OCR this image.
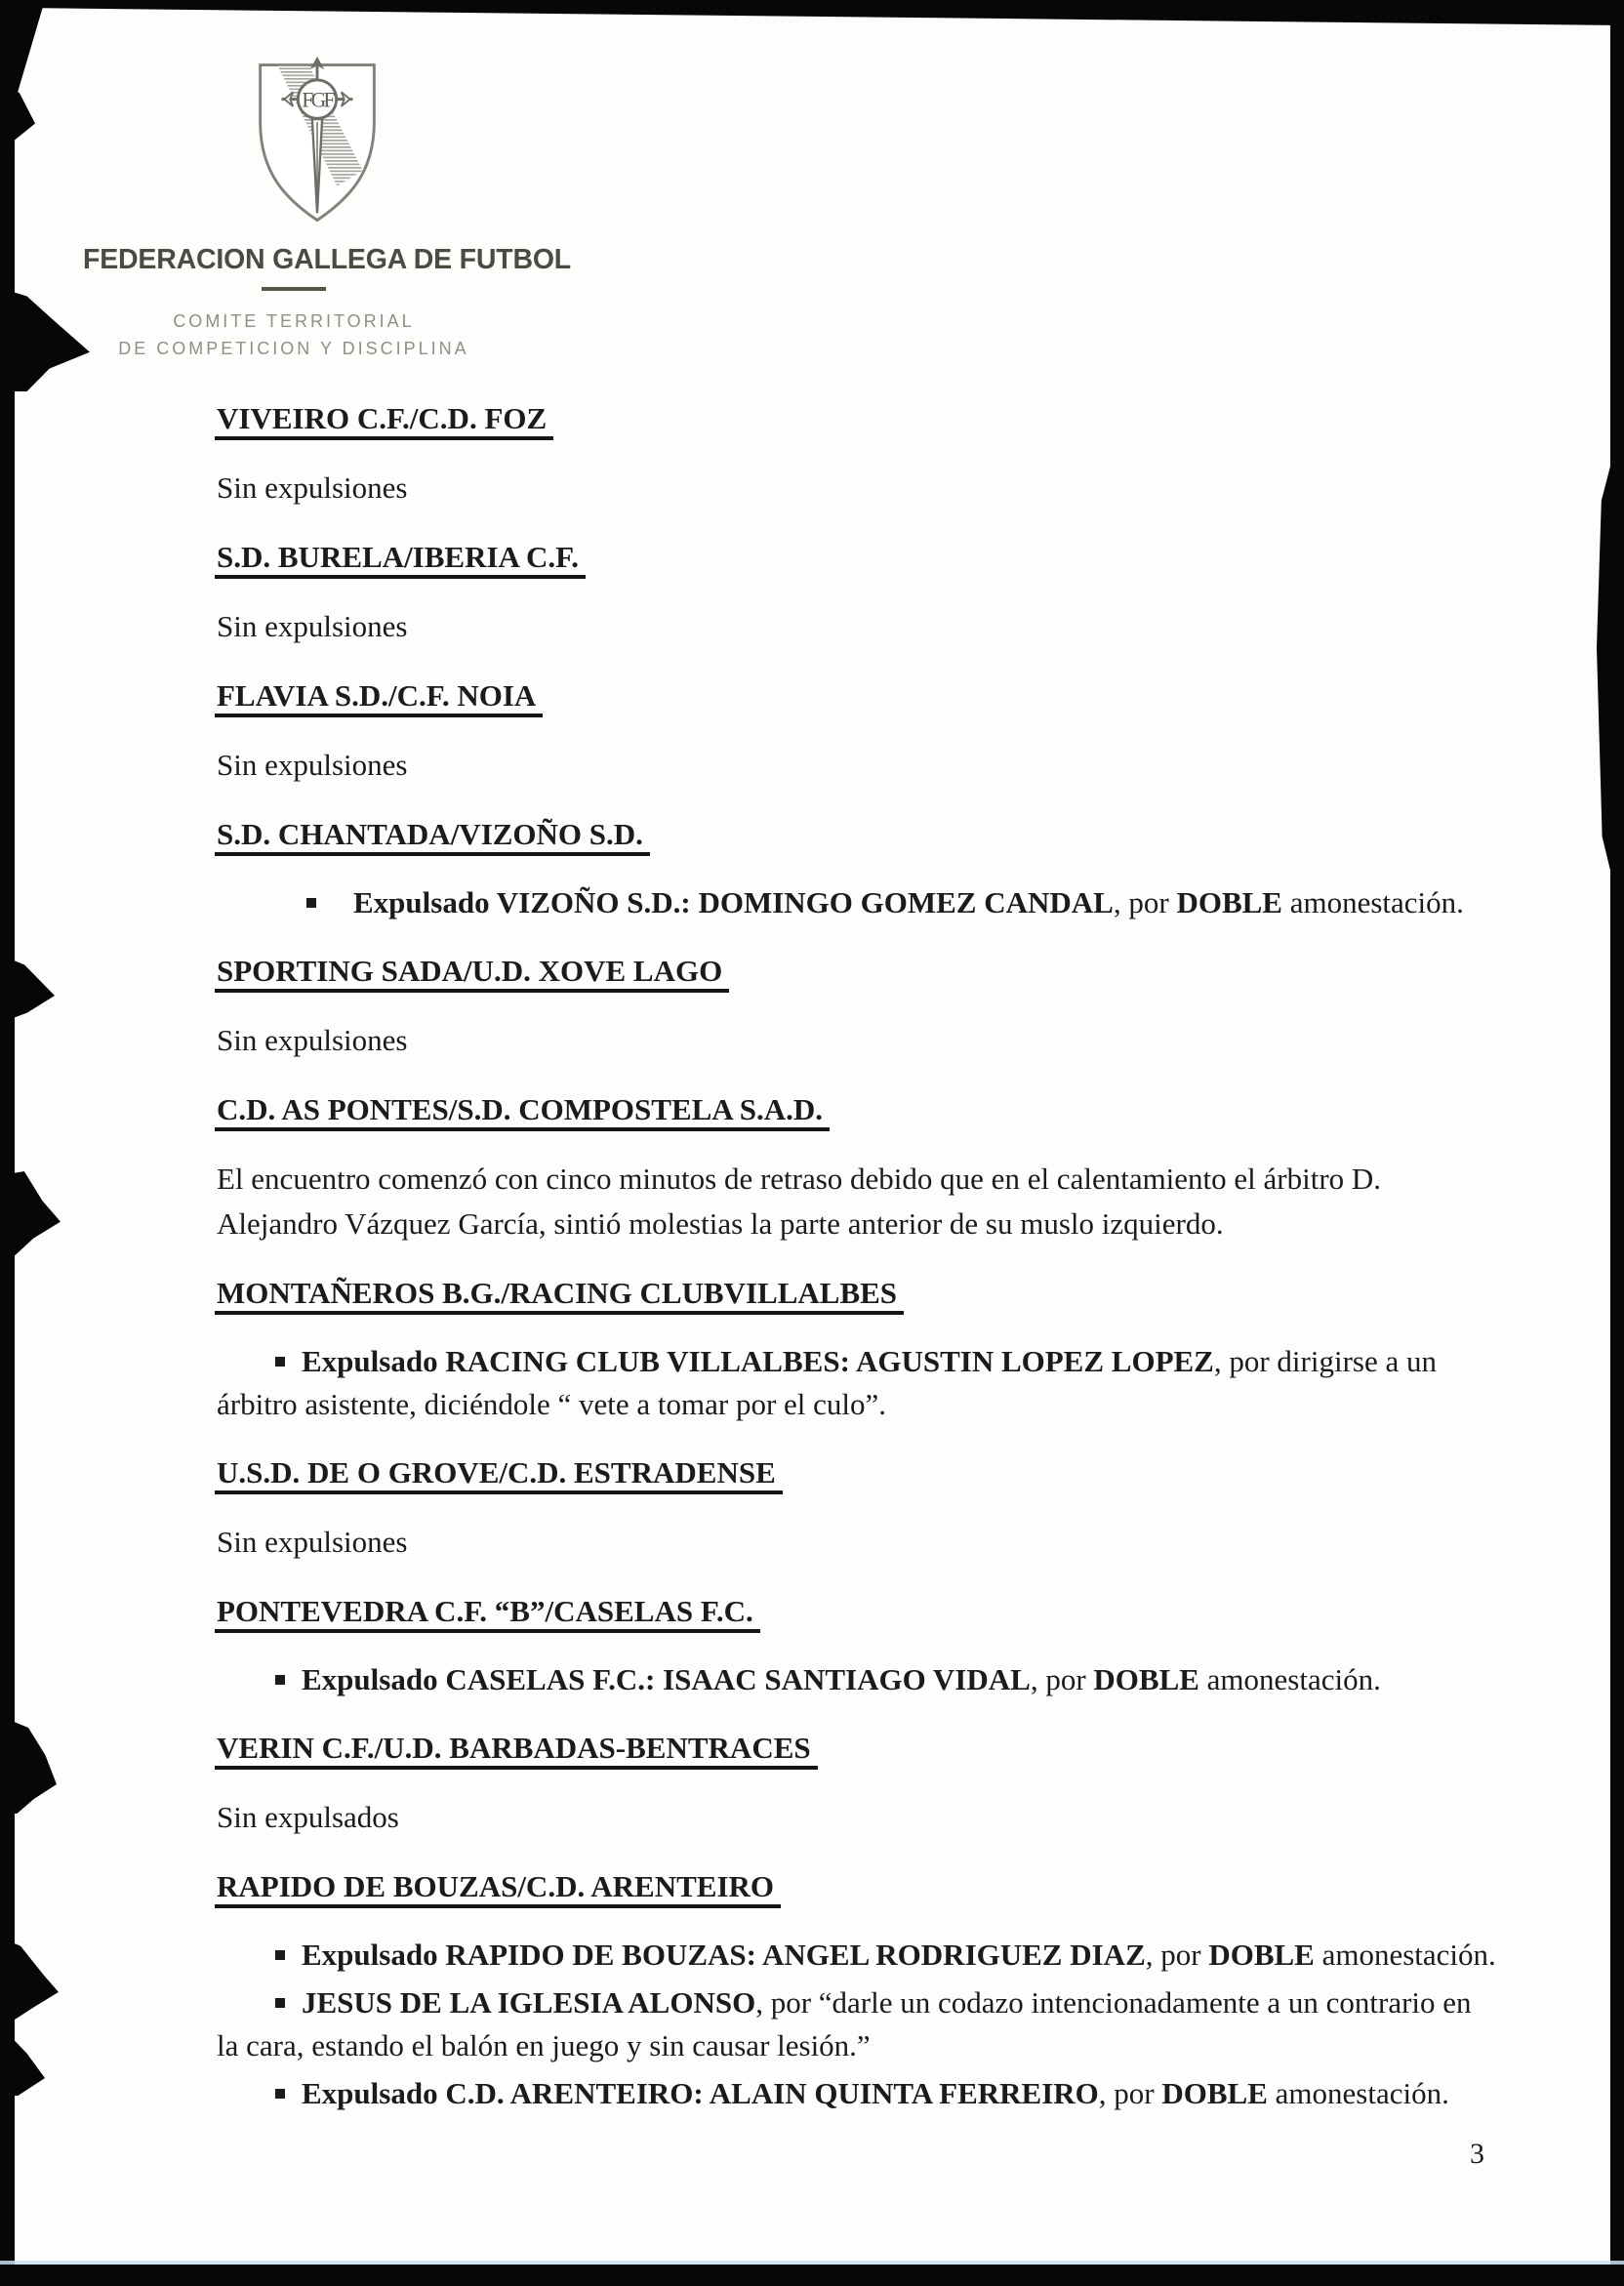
FGF
FEDERACION GALLEGA DE FUTBOL
COMITE TERRITORIAL
DE COMPETICION Y DISCIPLINA

VIVEIRO C.F./C.D. FOZ

Sin expulsiones

S.D. BURELA/IBERIA C.F.

Sin expulsiones

FLAVIA S.D./C.F. NOIA

Sin expulsiones

S.D. CHANTADA/VIZOÑO S.D.

Expulsado VIZOÑO S.D.: DOMINGO GOMEZ CANDAL, por DOBLE amonestación.

SPORTING SADA/U.D. XOVE LAGO

Sin expulsiones

C.D. AS PONTES/S.D. COMPOSTELA S.A.D.

El encuentro comenzó con cinco minutos de retraso debido que en el calentamiento el árbitro D. Alejandro Vázquez García, sintió molestias la parte anterior de su muslo izquierdo.

MONTAÑEROS B.G./RACING CLUBVILLALBES

Expulsado RACING CLUB VILLALBES: AGUSTIN LOPEZ LOPEZ, por dirigirse a un árbitro asistente, diciéndole “ vete a tomar por el culo”.

U.S.D. DE O GROVE/C.D. ESTRADENSE

Sin expulsiones

PONTEVEDRA C.F. “B”/CASELAS F.C.

Expulsado CASELAS F.C.: ISAAC SANTIAGO VIDAL, por DOBLE amonestación.

VERIN C.F./U.D. BARBADAS-BENTRACES

Sin expulsados

RAPIDO DE BOUZAS/C.D. ARENTEIRO

Expulsado RAPIDO DE BOUZAS: ANGEL RODRIGUEZ DIAZ, por DOBLE amonestación.

JESUS DE LA IGLESIA ALONSO, por “darle un codazo intencionadamente a un contrario en la cara, estando el balón en juego y sin causar lesión.”

Expulsado C.D. ARENTEIRO: ALAIN QUINTA FERREIRO, por DOBLE amonestación.

3
